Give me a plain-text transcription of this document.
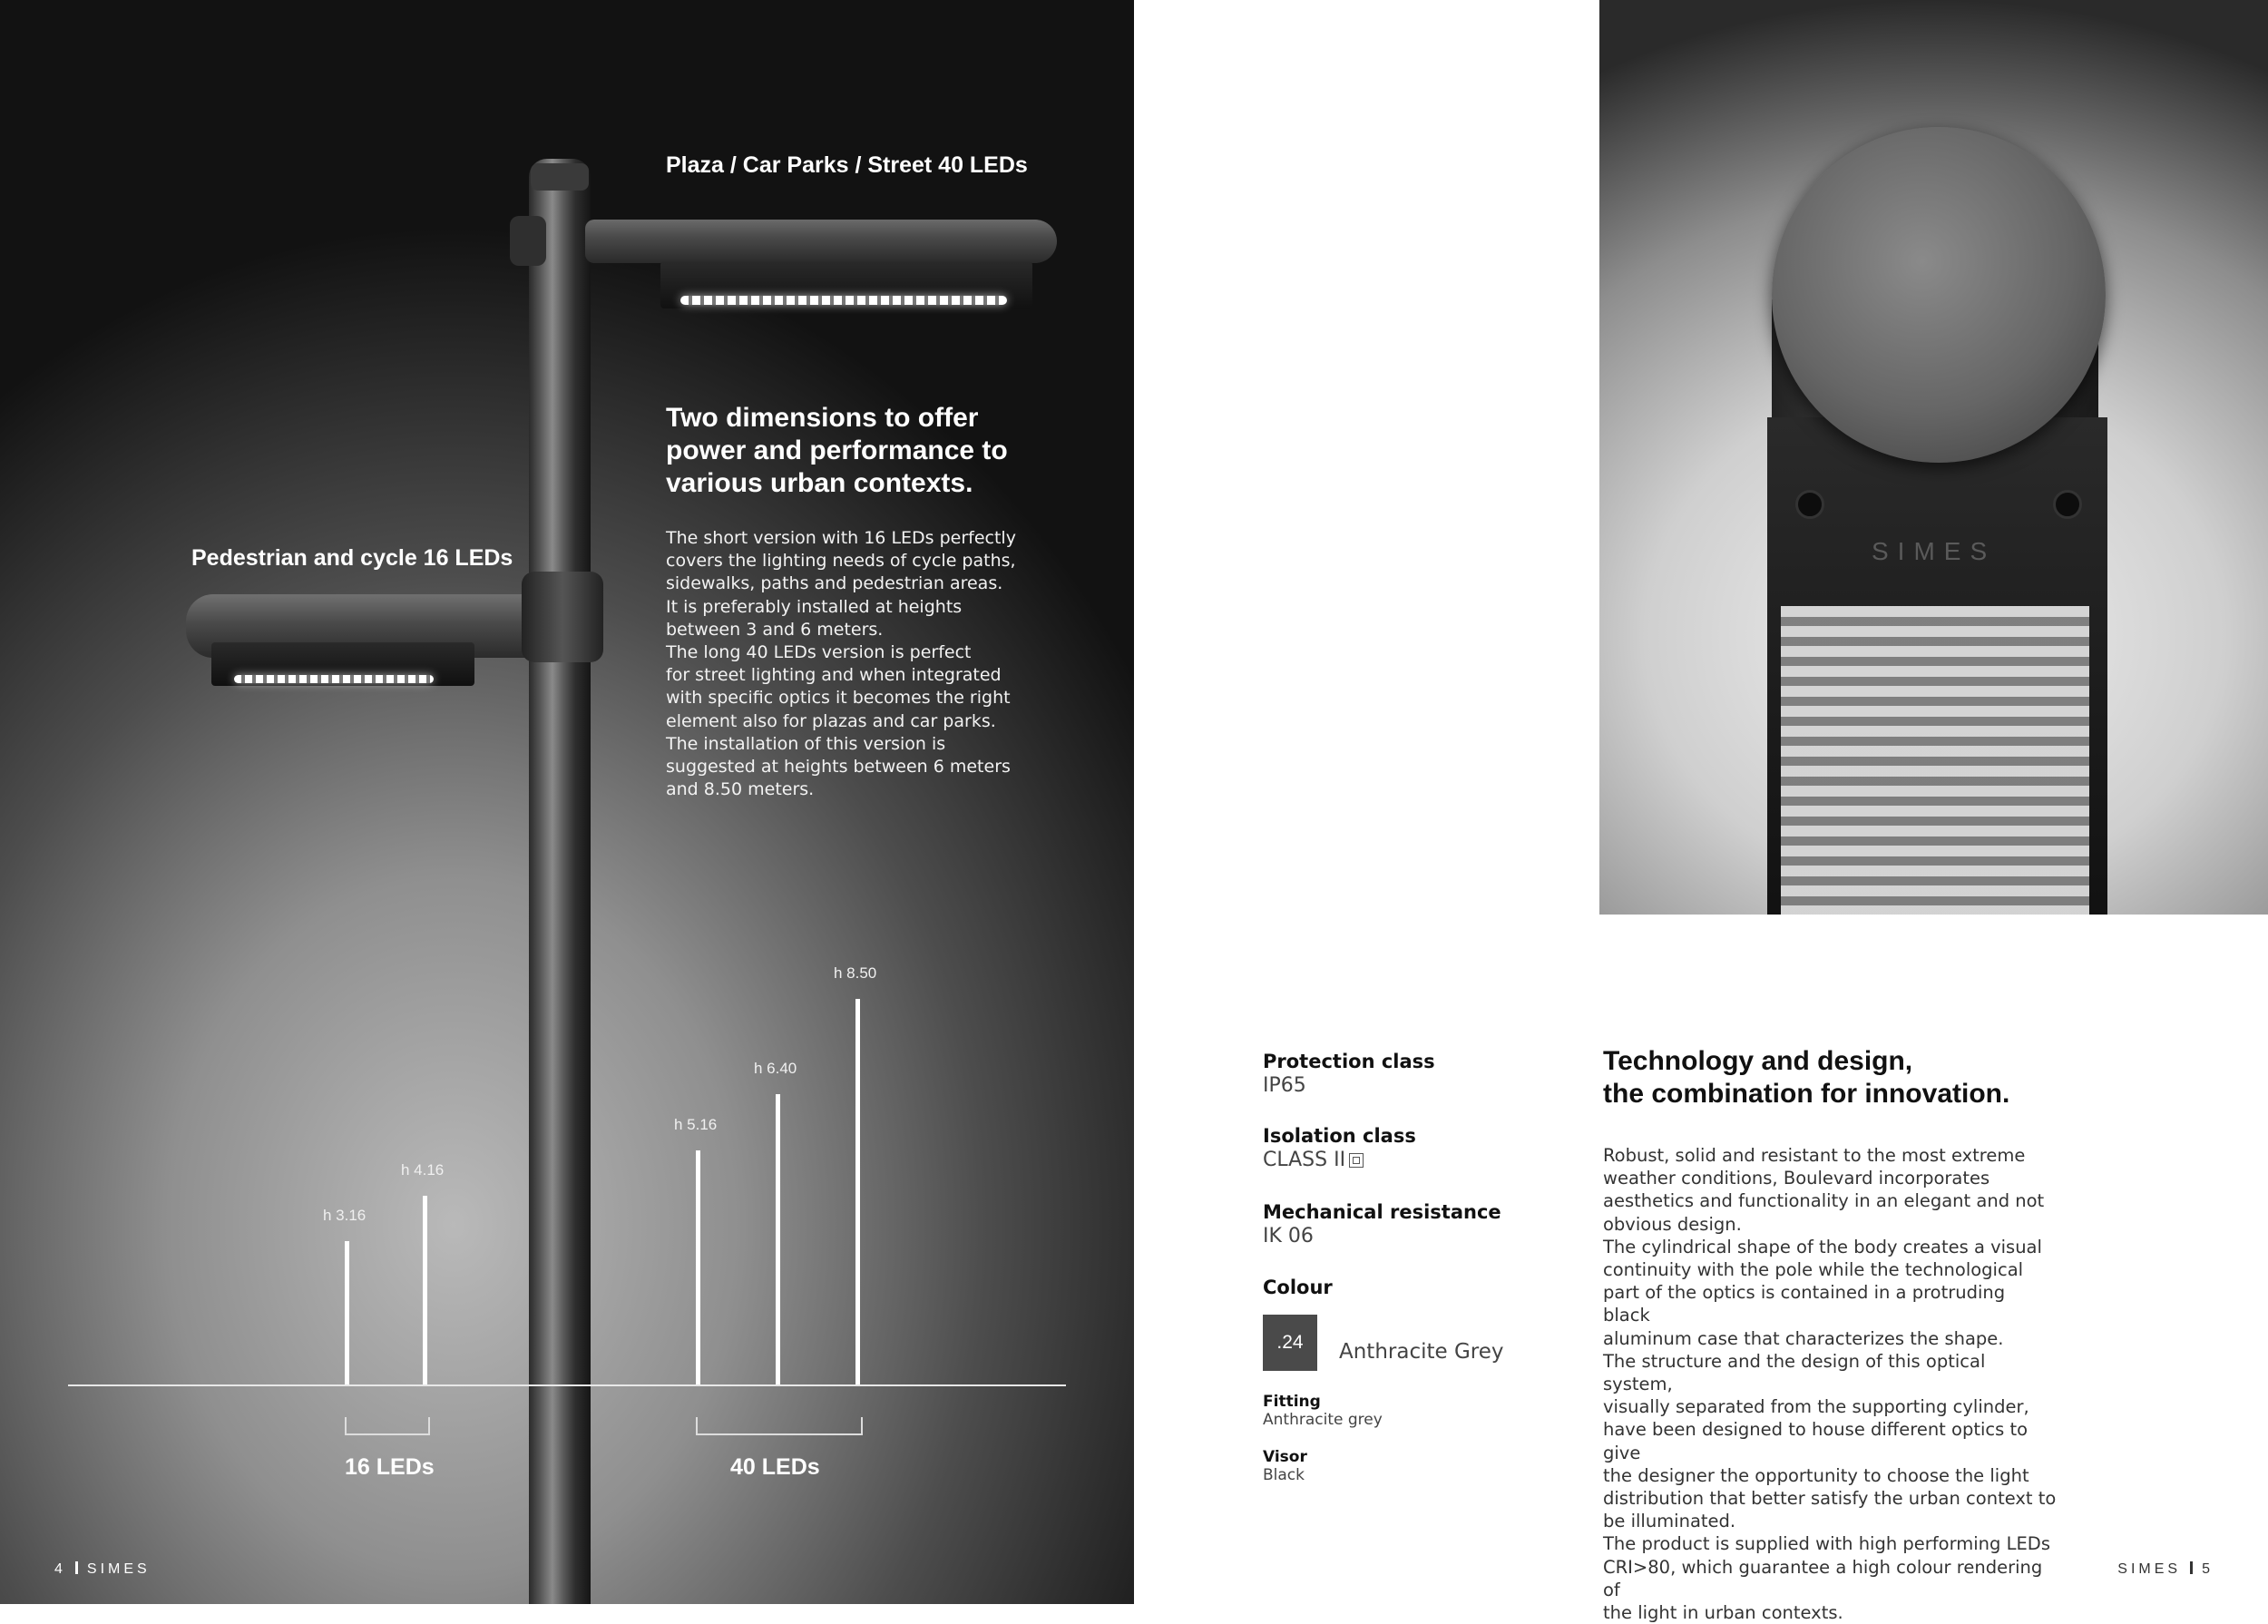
Plaza / Car Parks / Street 40 LEDs
Pedestrian and cycle 16 LEDs
Two dimensions to offer
power and performance to
various urban contexts.
The short version with 16 LEDs perfectly
covers the lighting needs of cycle paths,
sidewalks, paths and pedestrian areas.
It is preferably installed at heights
between 3 and 6 meters.
The long 40 LEDs version is perfect
for street lighting and when integrated
with specific optics it becomes the right
element also for plazas and car parks.
The installation of this version is
suggested at heights between 6 meters
and 8.50 meters.
h 3.16
h 4.16
16 LEDs
h 5.16
h 6.40
h 8.50
40 LEDs
4 SIMES
SIMES
Protection class
IP65
Isolation class
CLASS II
Mechanical resistance
IK 06
Colour
.24	Anthracite Grey
Fitting
Anthracite grey
Visor
Black
Technology and design,
the combination for innovation.
Robust, solid and resistant to the most extreme
weather conditions, Boulevard incorporates
aesthetics and functionality in an elegant and not
obvious design.
The cylindrical shape of the body creates a visual
continuity with the pole while the technological
part of the optics is contained in a protruding black
aluminum case that characterizes the shape.
The structure and the design of this optical system,
visually separated from the supporting cylinder,
have been designed to house different optics to give
the designer the opportunity to choose the light
distribution that better satisfy the urban context to
be illuminated.
The product is supplied with high performing LEDs
CRI>80, which guarantee a high colour rendering of
the light in urban contexts.
SIMES 5
